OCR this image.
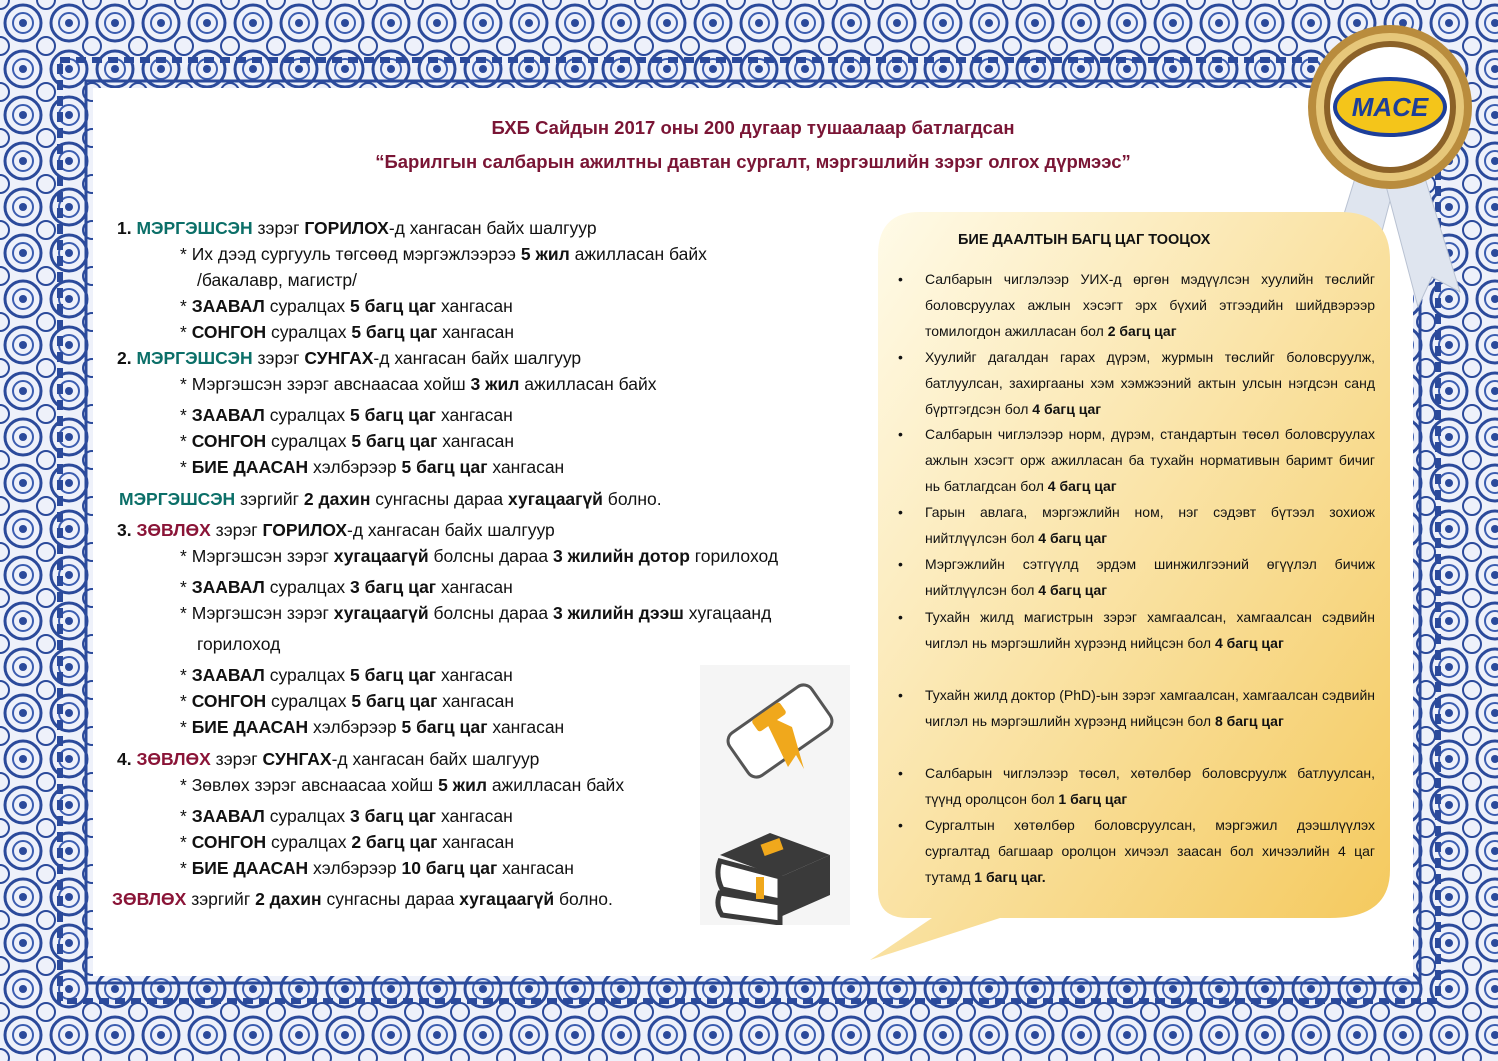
БХБ Сайдын 2017 оны 200 дугаар тушаалаар батлагдсан
“Барилгын салбарын ажилтны давтан сургалт, мэргэшлийн зэрэг олгох дүрмээс”
MACE
1. МЭРГЭШСЭН зэрэг ГОРИЛОХ-д хангасан байх шалгуур
* Их дээд сургууль төгсөөд мэргэжлээрээ 5 жил ажилласан байх
/бакалавр, магистр/
* ЗААВАЛ суралцах 5 багц цаг хангасан
* СОНГОН суралцах 5 багц цаг хангасан
2. МЭРГЭШСЭН зэрэг СУНГАХ-д хангасан байх шалгуур
* Мэргэшсэн зэрэг авснаасаа хойш 3 жил ажилласан байх
* ЗААВАЛ суралцах 5 багц цаг хангасан
* СОНГОН суралцах 5 багц цаг хангасан
* БИЕ ДААСАН хэлбэрээр 5 багц цаг хангасан
МЭРГЭШСЭН зэргийг 2 дахин сунгасны дараа хугацаагүй болно.
3. ЗӨВЛӨХ зэрэг ГОРИЛОХ-д хангасан байх шалгуур
* Мэргэшсэн зэрэг хугацаагүй болсны дараа 3 жилийн дотор горилоход
* ЗААВАЛ суралцах 3 багц цаг хангасан
* Мэргэшсэн зэрэг хугацаагүй болсны дараа 3 жилийн дээш хугацаанд
горилоход
* ЗААВАЛ суралцах 5 багц цаг хангасан
* СОНГОН суралцах 5 багц цаг хангасан
* БИЕ ДААСАН хэлбэрээр 5 багц цаг хангасан
4. ЗӨВЛӨХ зэрэг СУНГАХ-д хангасан байх шалгуур
* Зөвлөх зэрэг авснаасаа хойш 5 жил ажилласан байх
* ЗААВАЛ суралцах 3 багц цаг хангасан
* СОНГОН суралцах 2 багц цаг хангасан
* БИЕ ДААСАН хэлбэрээр 10 багц цаг хангасан
ЗӨВЛӨХ зэргийг 2 дахин сунгасны дараа хугацаагүй болно.
БИЕ ДААЛТЫН БАГЦ ЦАГ ТООЦОХ
• Салбарын чиглэлээр УИХ-д өргөн мэдүүлсэн хуулийн төслийг боловсруулах ажлын хэсэгт эрх бүхий этгээдийн шийдвэрээр томилогдон ажилласан бол 2 багц цаг
• Хуулийг дагалдан гарах дүрэм, журмын төслийг боловсруулж, батлуулсан, захиргааны хэм хэмжээний актын улсын нэгдсэн санд бүртгэгдсэн бол 4 багц цаг
• Салбарын чиглэлээр норм, дүрэм, стандартын төсөл боловсруулах ажлын хэсэгт орж ажилласан ба тухайн нормативын баримт бичиг нь батлагдсан бол 4 багц цаг
• Гарын авлага, мэргэжлийн ном, нэг сэдэвт бүтээл зохиож нийтлүүлсэн бол 4 багц цаг
• Мэргэжлийн сэтгүүлд эрдэм шинжилгээний өгүүлэл бичиж нийтлүүлсэн бол 4 багц цаг
• Тухайн жилд магистрын зэрэг хамгаалсан, хамгаалсан сэдвийн чиглэл нь мэргэшлийн хүрээнд нийцсэн бол 4 багц цаг
• Тухайн жилд доктор (PhD)-ын зэрэг хамгаалсан, хамгаалсан сэдвийн чиглэл нь мэргэшлийн хүрээнд нийцсэн бол 8 багц цаг
• Салбарын чиглэлээр төсөл, хөтөлбөр боловсруулж батлуулсан, түүнд оролцсон бол 1 багц цаг
• Сургалтын хөтөлбөр боловсруулсан, мэргэжил дээшлүүлэх сургалтад багшаар оролцон хичээл заасан бол хичээлийн 4 цаг тутамд 1 багц цаг.
